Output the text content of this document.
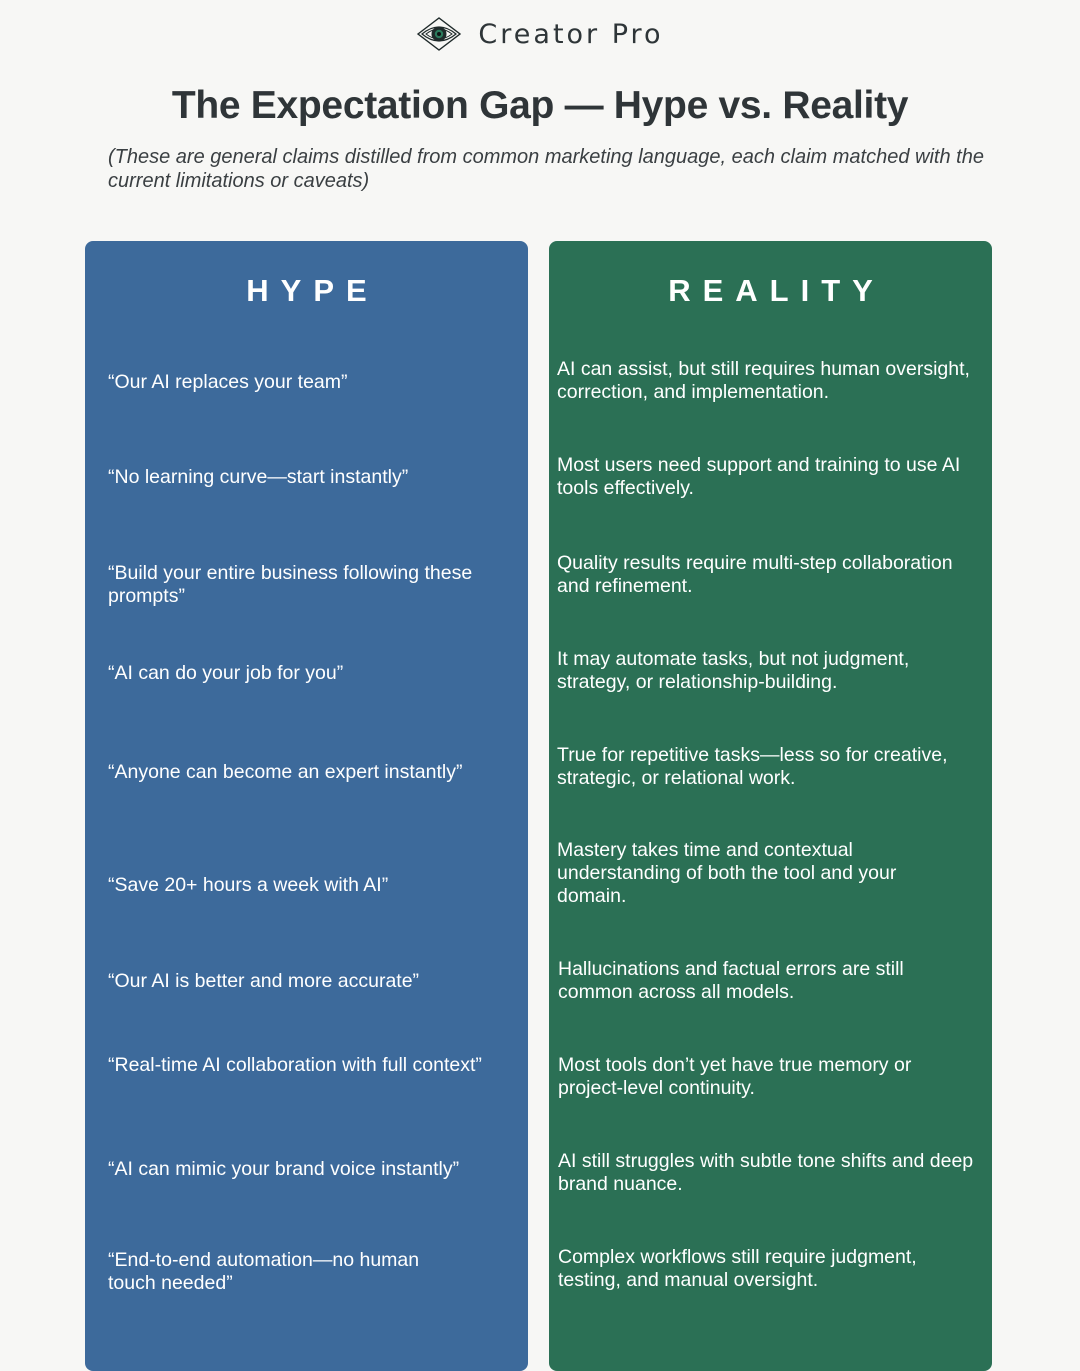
Creator Pro
The Expectation Gap — Hype vs. Reality

(These are general claims distilled from common marketing language, each claim matched with the current limitations or caveats)

HYPE
“Our AI replaces your team”
“No learning curve—start instantly”
“Build your entire business following these prompts”
“AI can do your job for you”
“Anyone can become an expert instantly”
“Save 20+ hours a week with AI”
“Our AI is better and more accurate”
“Real-time AI collaboration with full context”
“AI can mimic your brand voice instantly”
“End-to-end automation—no human touch needed”
REALITY
AI can assist, but still requires human oversight, correction, and implementation.
Most users need support and training to use AI tools effectively.
Quality results require multi-step collaboration and refinement.
It may automate tasks, but not judgment, strategy, or relationship-building.
True for repetitive tasks—less so for creative, strategic, or relational work.
Mastery takes time and contextual understanding of both the tool and your domain.
Hallucinations and factual errors are still common across all models.
Most tools don’t yet have true memory or project-level continuity.
AI still struggles with subtle tone shifts and deep brand nuance.
Complex workflows still require judgment, testing, and manual oversight.
